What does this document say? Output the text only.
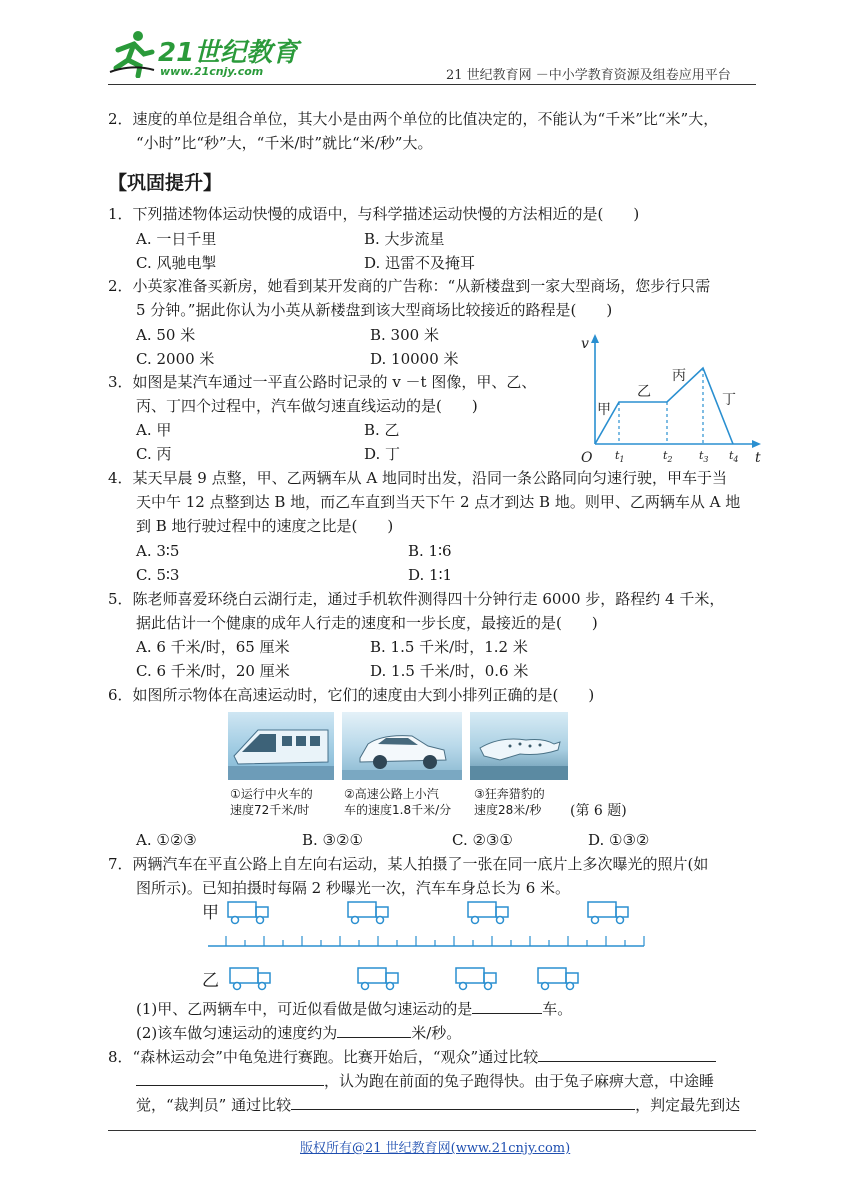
21世纪教育
www.21cnjy.com	21 世纪教育网 －中小学教育资源及组卷应用平台
2．速度的单位是组合单位，其大小是由两个单位的比值决定的，不能认为“千米”比“米”大，
“小时”比“秒”大，“千米/时”就比“米/秒”大。
【巩固提升】
1．下列描述物体运动快慢的成语中，与科学描述运动快慢的方法相近的是(　　)
A. 一日千里	B. 大步流星
C. 风驰电掣	D. 迅雷不及掩耳
2．小英家准备买新房，她看到某开发商的广告称：“从新楼盘到一家大型商场，您步行只需
5 分钟。”据此你认为小英从新楼盘到该大型商场比较接近的路程是(　　)
A. 50 米	B. 300 米
C. 2000 米	D. 10000 米
3．如图是某汽车通过一平直公路时记录的 v －t 图像，甲、乙、
丙、丁四个过程中，汽车做匀速直线运动的是(　　)
A. 甲	B. 乙
C. 丙	D. 丁
v
t
O
甲
乙
丙
丁
$t_1$	$t_2$ $t_3$ $t_4$
4．某天早晨 9 点整，甲、乙两辆车从 A 地同时出发，沿同一条公路同向匀速行驶，甲车于当
天中午 12 点整到达 B 地，而乙车直到当天下午 2 点才到达 B 地。则甲、乙两辆车从 A 地
到 B 地行驶过程中的速度之比是(　　)
A. 3∶5	B. 1∶6
C. 5∶3	D. 1∶1
5．陈老师喜爱环绕白云湖行走，通过手机软件测得四十分钟行走 6000 步，路程约 4 千米，
据此估计一个健康的成年人行走的速度和一步长度，最接近的是(　　)
A. 6 千米/时，65 厘米	B. 1.5 千米/时，1.2 米
C. 6 千米/时，20 厘米	D. 1.5 千米/时，0.6 米
6．如图所示物体在高速运动时，它们的速度由大到小排列正确的是(　　)
①运行中火车的
速度72千米/时
②高速公路上小汽
车的速度1.8千米/分
③狂奔猎豹的
速度28米/秒 (第 6 题)
A. ①②③	B. ③②①	C. ②③①	D. ①③②
7．两辆汽车在平直公路上自左向右运动，某人拍摄了一张在同一底片上多次曝光的照片(如
图所示)。已知拍摄时每隔 2 秒曝光一次，汽车车身总长为 6 米。
甲
乙
(1)甲、乙两辆车中，可近似看做是做匀速运动的是	车。
(2)该车做匀速运动的速度约为	米/秒。
8．“森林运动会”中龟兔进行赛跑。比赛开始后，“观众”通过比较
，认为跑在前面的兔子跑得快。由于兔子麻痹大意，中途睡
觉，“裁判员” 通过比较	，判定最先到达
版权所有@21 世纪教育网(www.21cnjy.com)
